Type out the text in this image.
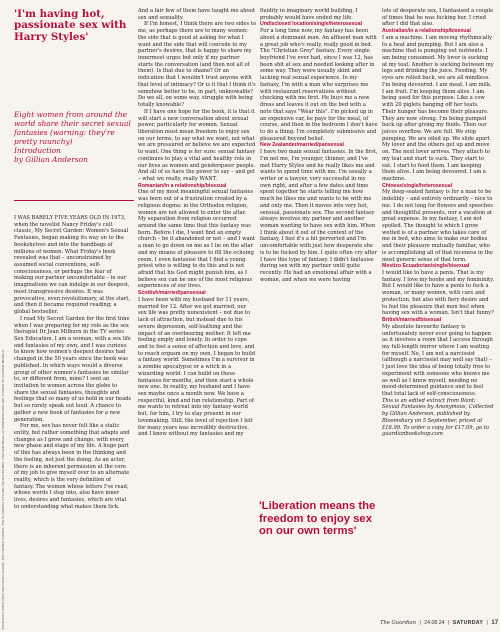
PORTRAITS: ROSS TOXS AND DAVID LEVENE; TOP: HANNAH DAVIES. THE GUARDIAN. STYLING: HELEN HOLMES, HAIR AND MAKE-UP. SAMANTHA COLLINS. THANKS TO CASTING MODELS.
'I'm having hot, passionate sex with Harry Styles'
Eight women from around the world share their secret sexual fantasies (warning: they're pretty raunchy)
Introduction
by Gillian Anderson

I WAS BARELY FIVE YEARS OLD IN 1973, when the novelist Nancy Friday's cult classic, My Secret Garden: Women's Sexual Fantasies, began making its way on to the bookshelves and into the handbags of millions of women. What Friday's book revealed was that – unconstrained by assumed social conventions, self-consciousness, or perhaps the fear of making our partner uncomfortable – in our imaginations we can indulge in our deepest, most transgressive desires. It was provocative, even revolutionary, at the start, and then it became required reading; a global bestseller.

I read My Secret Garden for the first time when I was preparing for my role as the sex therapist Dr Jean Milburn in the TV series Sex Education. I am a woman, with a sex life and fantasies of my own, and I was curious to know how women's deepest desires had changed in the 50 years since the book was published. In which ways would a diverse group of other women's fantasies be similar to, or different from, mine? I sent an invitation to women across the globe to share the sexual fantasies, thoughts and feelings that so many of us hold in our heads but so rarely speak out loud. A chance to gather a new book of fantasies for a new generation.

For me, sex has never felt like a static entity, but rather something that adapts and changes as I grow and change, with every new phase and stage of my life. A huge part of this has always been in the thinking and the feeling, not just the doing. As an actor, there is an inherent permission at the core of my job to give myself over to an alternate reality, which is the very definition of fantasy. The women whose letters I've read, whose words I step into, also have inner lives, desires and fantasies, which are vital to understanding what makes them tick.

And a fair few of them have taught me about sex and sexuality.

If I'm honest, I think there are two sides to me, as perhaps there are to many women: the side that is good at asking for what I want and the side that will concede to my partner's desires, that is happy to share my innermost urges but only if my partner starts the conversation (and then not all of them). Is that due to shame? Or an indication that I wouldn't trust anyone with that level of intimacy? Or is it that I think it's somehow better to be, in part, unknowable? Do we all, on some way, struggle with being totally knowable?

If I have one hope for the book, it is that it will start a new conversation about sexual power, particularly for women. Sexual liberation must mean freedom to enjoy sex on our terms, to say what we want, not what we are pressured or believe we are expected to want. One thing is for sure: sexual fantasy continues to play a vital and healthy role in our lives as women and genderqueer people. And all of us have the power to say – and get – what we really, really WANT.

Romanian/in a relationship/bisexual

One of my most meaningful sexual fantasies was born out of a frustration created by a religious dogma: in the Orthodox religion, women are not allowed to enter the altar. My separation from religion occurred around the same time that this fantasy was born. Before I die, I want find an empty church – be it abandoned or not – and I want a man to go down on me as I lie on the altar and my moans of pleasure to fill the echoing room. I even fantasise that I find a young priest who is willing to do this and is not afraid that his God might punish him, as I believe sex can be one of the most religious experiences of our lives.

Scottish/married/pansexual

I have been with my husband for 11 years, married for 12. After we got married, our sex life was pretty nonexistent – not due to lack of attraction, but instead due to his severe depression, self-loathing and the impact of an overbearing mother. It left me feeling empty and lonely. In order to cope and to feel a sense of affection and love, and to reach orgasm on my own, I began to build a fantasy world. Sometimes I'm a survivor in a zombie apocalypse or a witch in a wizarding world. I can build on these fantasies for months, and then start a whole new one. In reality, my husband and I have sex maybe once a month now. We have a respectful, kind and fun relationship. Part of me wants to retreat into my fantasy world but, for him, I try to stay present in our lovemaking. Still, the level of rejection I felt for many years was incredibly destructive, and I know without my fantasies and my

fluidity in imaginary world building, I probably would have ended my life.

Undisclosed location/single/heterosexual

For a long time now, my fantasy has been about a dominant man. An affluent man with a great job who's really, really good in bed. The "Christian Grey" fantasy. Every single boyfriend I've ever had, since I was 12, has been shit at sex and needed looking after in some way. They were usually skint and lacking real sexual experience. In my fantasy, I'm with a man who surprises me with restaurant reservations without checking with me first. He buys me a new dress and leaves it out on the bed with a note that says "Wear this". I'm picked up in an expensive car, he pays for the meal, of course, and then in the bedroom I don't have to do a thing. I'm completely submissive and pleasured beyond belief.

New Zealander/married/pansexual

I have two main sexual fantasies. In the first, I'm not me, I'm younger, thinner, and I've met Harry Styles and he really likes me and wants to spend time with me. I'm usually a writer or a lawyer, very successful in my own right, and after a few dates and time spent together he starts telling me how much he likes me and wants to be with me and only me. Then it moves into very hot, sensual, passionate sex. The second fantasy always involves my partner and another woman wanting to have sex with him. When I think about it out of the context of the fantasy, I feel it's a bit perverted and I'm uncomfortable with just how desperate she is to be fucked by him. I quite often cry after I have this type of fantasy. I didn't fantasise during sex with my partner until quite recently. He had an emotional affair with a woman, and when we were having

'Liberation means the freedom to enjoy sex on our own terms'

lots of desperate sex, I fantasised a couple of times that he was fucking her. I cried after I did that also.

Australian/in a relationship/bisexual

I am a machine. I am moving rhythmically to a beat and pumping. But I am also a machine that is pumping out nutrients. I am being consumed. My lover is sucking at my teat. Another is sucking between my legs and drinking the juice. Feeding. My eyes are rolled back, we are all mindless. I'm being devoured. I am meat. I am milk. I am fruit. I'm keeping them alive. I am being used for this purpose. Like a cow with 20 piglets hanging off her teats. Their hunger has become their pleasure. They are now strong. I'm being pumped back up after giving my fluids. Then our juices overflow. We are full. We stop pumping. We are oiled up. We slide apart. My lover and the others get up and move on. The next lover arrives. They attach to my teat and start to suck. They start to eat. I start to feed them. I am keeping them alive. I am being devoured. I am a machine.

Chinese/single/heterosexual

My deep-seated fantasy is for a man to be indelibly – and entirely ordinarily – nice to me. I do not long for flowers and speeches and thoughtful presents, nor a vacation at great expense. In my fantasy, I am not spoiled. The thought to which I grow wetted is of a partner who takes care of me in bed, who aims to make our bodies and their pleasure mutually familiar, who is accomplishing all of that niceness in the most generic sense of that term.

Mestizo Ecuadorian/single/bisexual

I would like to have a penis. That is my fantasy. I love my boobs and my femininity. But I would like to have a penis to fuck a woman, or many women, with care and protection, but also with fiery desire and to feel the pleasure that men feel when having sex with a woman. Isn't that funny?

British/married/bisexual

My absolute favourite fantasy is unfortunately never ever going to happen as it involves a room that I access through my full-length mirror where I am waiting for myself. No, I am not a narcissist (although a narcissist may well say that) – I just love the idea of being totally free to experiment with someone who knows me as well as I know myself, needing no mood-determined guidance and to feel that total lack of self-consciousness.

This is an edited extract from Want: Sexual Fantasies by Anonymous, Collected by Gillian Anderson, published by Bloomsbury on 5 September, priced at £18.99. To order a copy for £17.09, go to guardianbookshop.com

The Guardian | 24.08.24 | SATURDAY | 17
